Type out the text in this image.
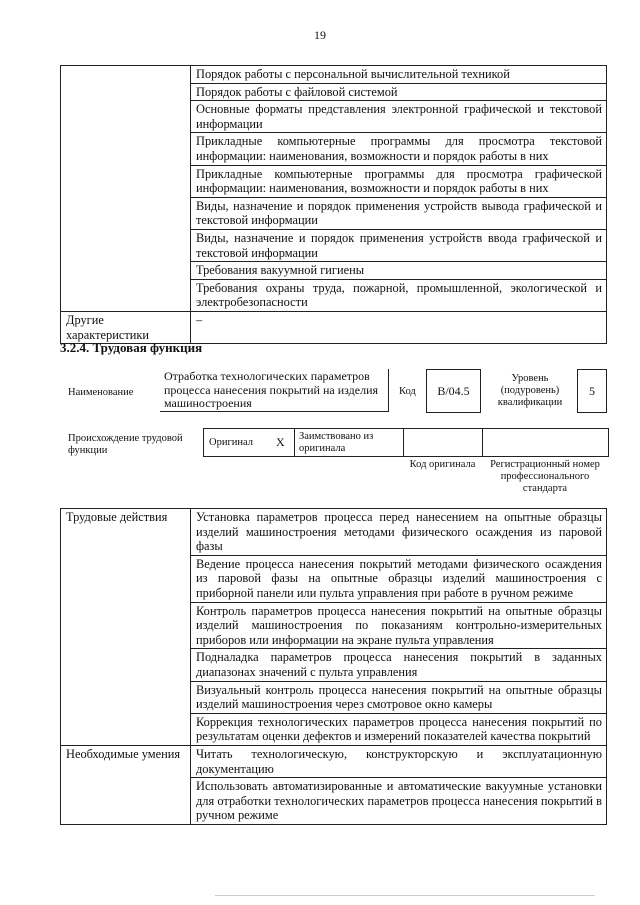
19
	Порядок работы с персональной вычислительной техникой
	Порядок работы с файловой системой
	Основные форматы представления электронной графической и текстовой информации
	Прикладные компьютерные программы для просмотра текстовой информации: наименования, возможности и порядок работы в них
	Прикладные компьютерные программы для просмотра графической информации: наименования, возможности и порядок работы в них
	Виды, назначение и порядок применения устройств вывода графической и текстовой информации
	Виды, назначение и порядок применения устройств ввода графической и текстовой информации
	Требования вакуумной гигиены
	Требования охраны труда, пожарной, промышленной, экологической и электробезопасности
Другие характеристики	–
3.2.4. Трудовая функция
Наименование
Отработка технологических параметров процесса нанесения покрытий на изделия машиностроения
Код	B/04.5
Уровень (подуровень) квалификации
5
Происхождение трудовой функции
Оригинал X Заимствовано из оригинала
Код оригинала	Регистрационный номер профессионального стандарта
Трудовые действия	Установка параметров процесса перед нанесением на опытные образцы изделий машиностроения методами физического осаждения из паровой фазы
	Ведение процесса нанесения покрытий методами физического осаждения из паровой фазы на опытные образцы изделий машиностроения с приборной панели или пульта управления при работе в ручном режиме
	Контроль параметров процесса нанесения покрытий на опытные образцы изделий машиностроения по показаниям контрольно-измерительных приборов или информации на экране пульта управления
	Подналадка параметров процесса нанесения покрытий в заданных диапазонах значений с пульта управления
	Визуальный контроль процесса нанесения покрытий на опытные образцы изделий машиностроения через смотровое окно камеры
	Коррекция технологических параметров процесса нанесения покрытий по результатам оценки дефектов и измерений показателей качества покрытий
Необходимые умения	Читать технологическую, конструкторскую и эксплуатационную документацию
	Использовать автоматизированные и автоматические вакуумные установки для отработки технологических параметров процесса нанесения покрытий в ручном режиме
